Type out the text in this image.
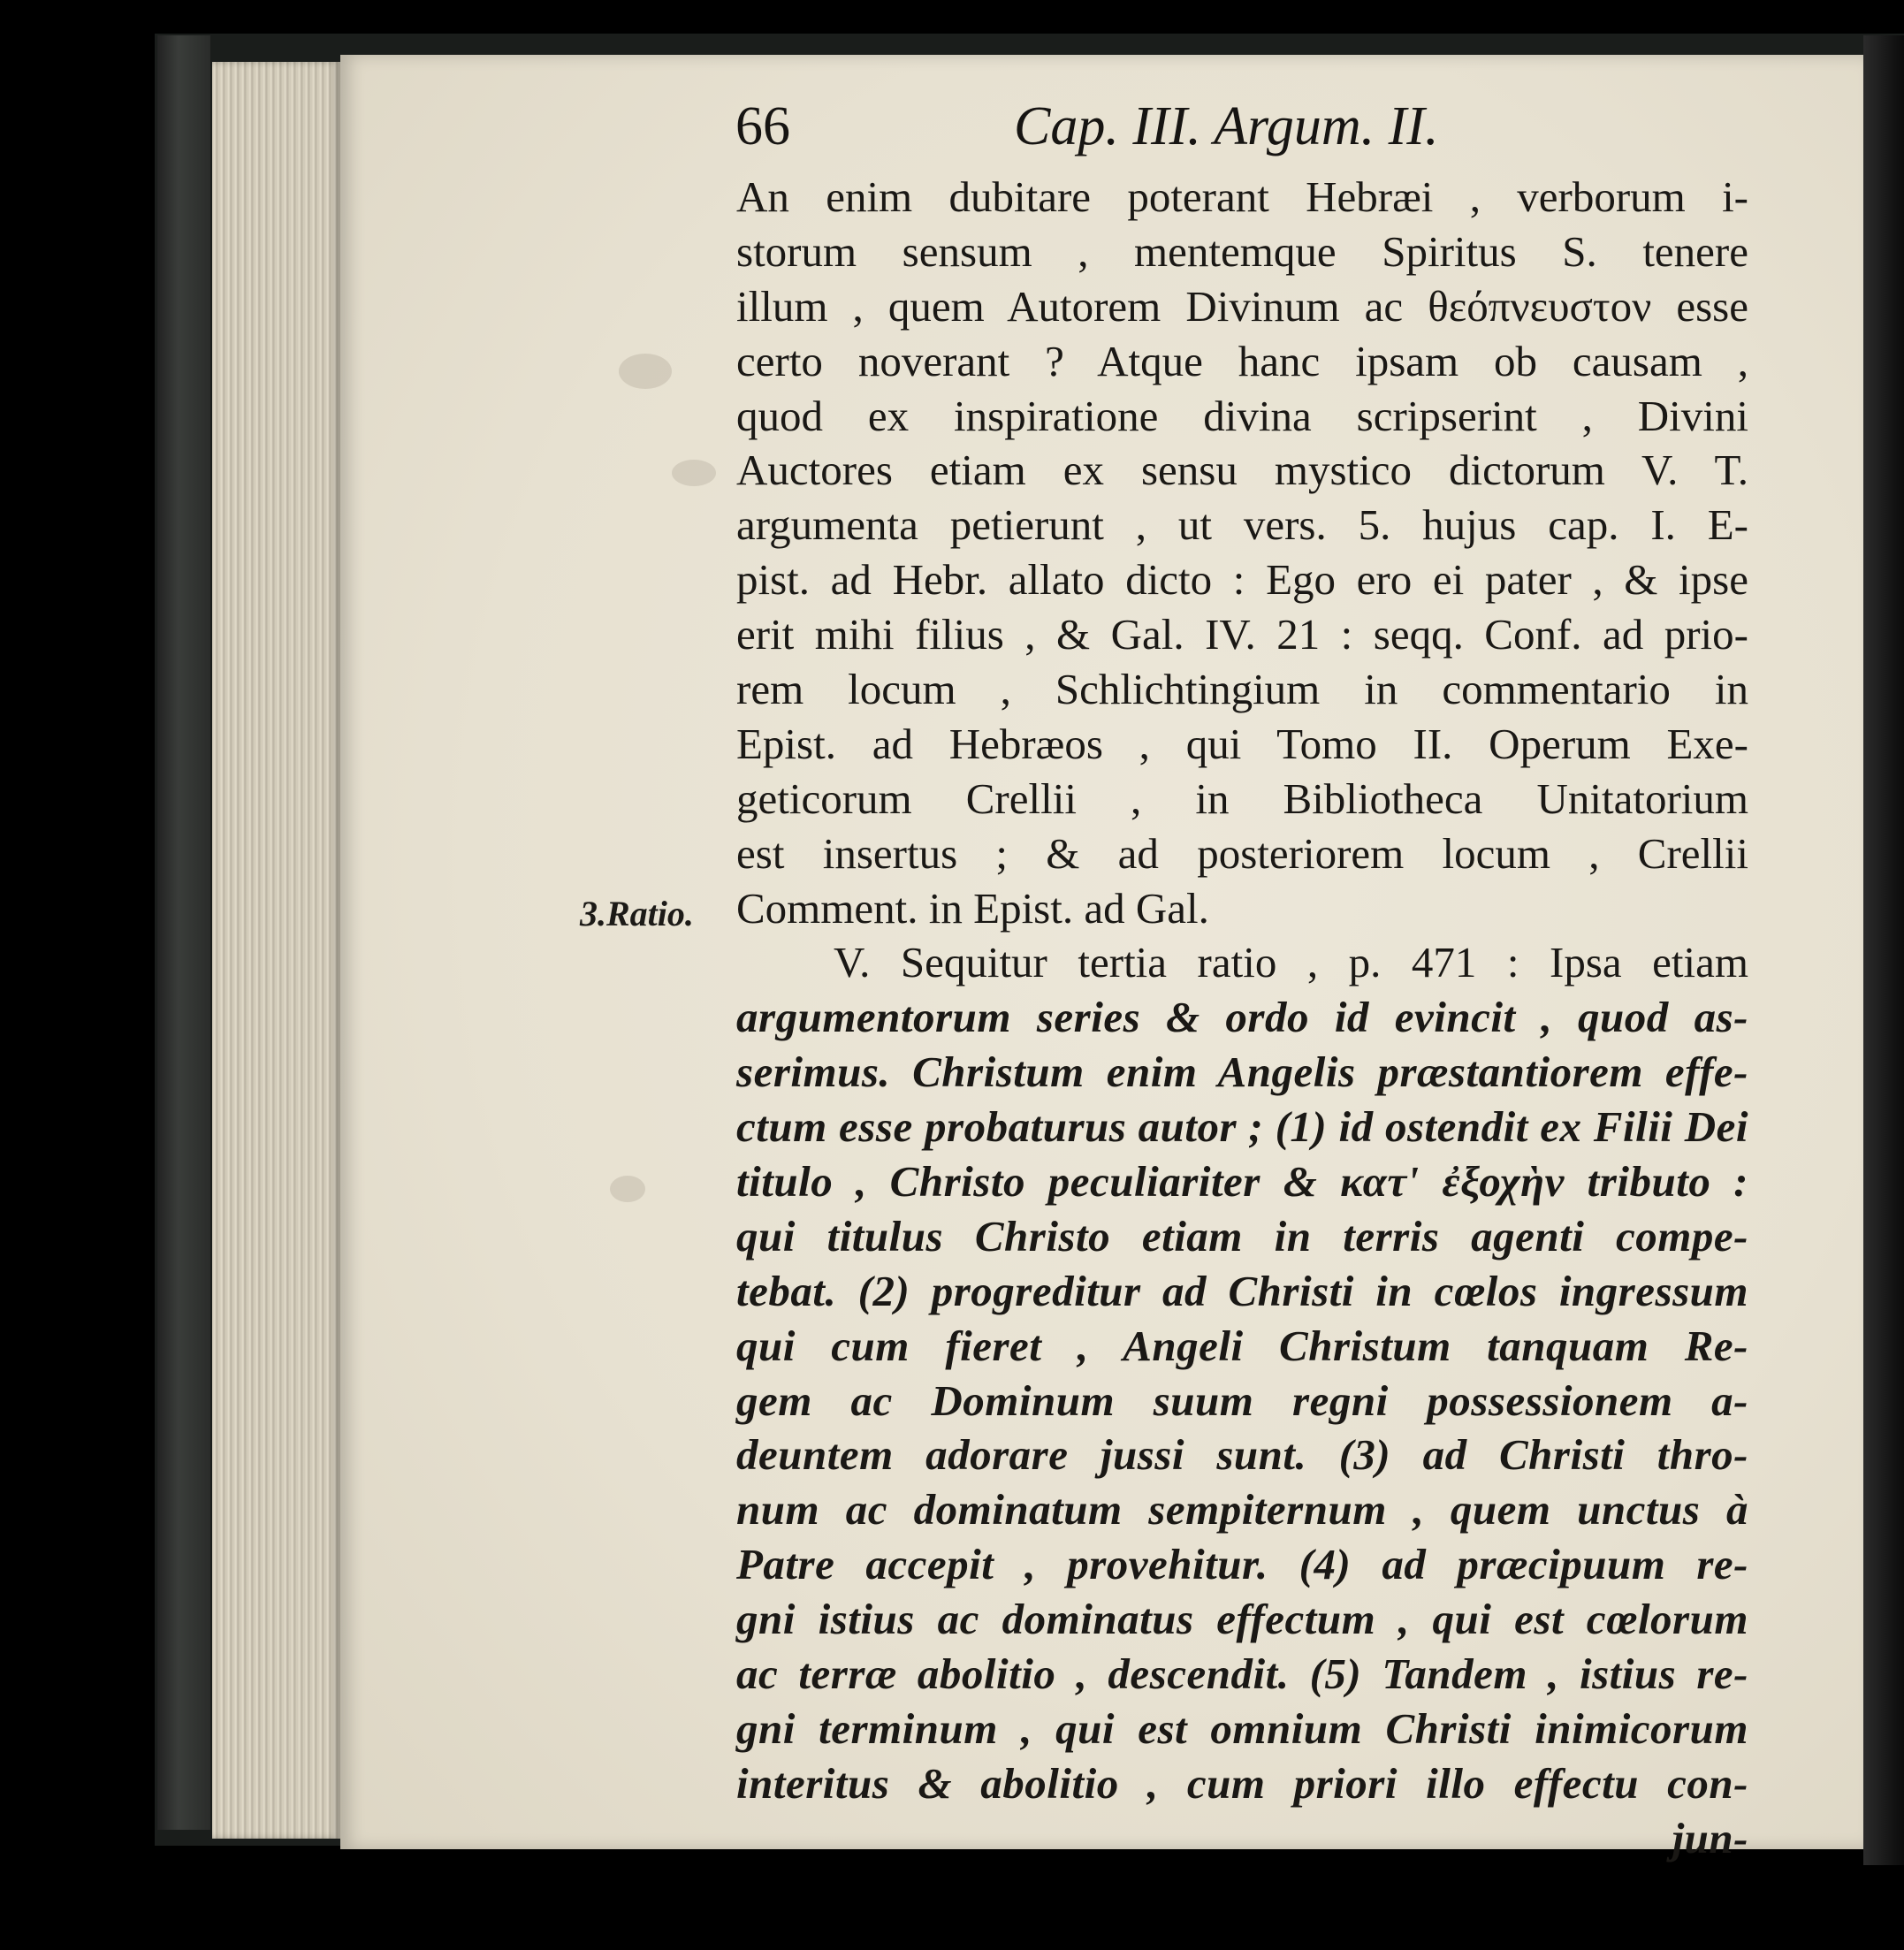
66	Cap. III. Argum. II.
3.Ratio.
An enim dubitare poterant Hebræi , verborum i-
storum sensum , mentemque Spiritus S. tenere
illum , quem Autorem Divinum ac θεόπνευστον esse
certo noverant ? Atque hanc ipsam ob causam ,
quod ex inspiratione divina scripserint , Divini
Auctores etiam ex sensu mystico dictorum V. T.
argumenta petierunt , ut vers. 5. hujus cap. I. E-
pist. ad Hebr. allato dicto : Ego ero ei pater , & ipse
erit mihi filius , & Gal. IV. 21 : seqq. Conf. ad prio-
rem locum , Schlichtingium in commentario in
Epist. ad Hebræos , qui Tomo II. Operum Exe-
geticorum Crellii , in Bibliotheca Unitatorium
est insertus ; & ad posteriorem locum , Crellii
Comment. in Epist. ad Gal.
V. Sequitur tertia ratio , p. 471 : Ipsa etiam
argumentorum series & ordo id evincit , quod as-
serimus. Christum enim Angelis præstantiorem effe-
ctum esse probaturus autor ; (1) id ostendit ex Filii Dei
titulo , Christo peculiariter & κατ' ἐξοχὴν tributo :
qui titulus Christo etiam in terris agenti compe-
tebat. (2) progreditur ad Christi in cœlos ingressum
qui cum fieret , Angeli Christum tanquam Re-
gem ac Dominum suum regni possessionem a-
deuntem adorare jussi sunt. (3) ad Christi thro-
num ac dominatum sempiternum , quem unctus à
Patre accepit , provehitur. (4) ad præcipuum re-
gni istius ac dominatus effectum , qui est cœlorum
ac terræ abolitio , descendit. (5) Tandem , istius re-
gni terminum , qui est omnium Christi inimicorum
interitus & abolitio , cum priori illo effectu con-
jun-
